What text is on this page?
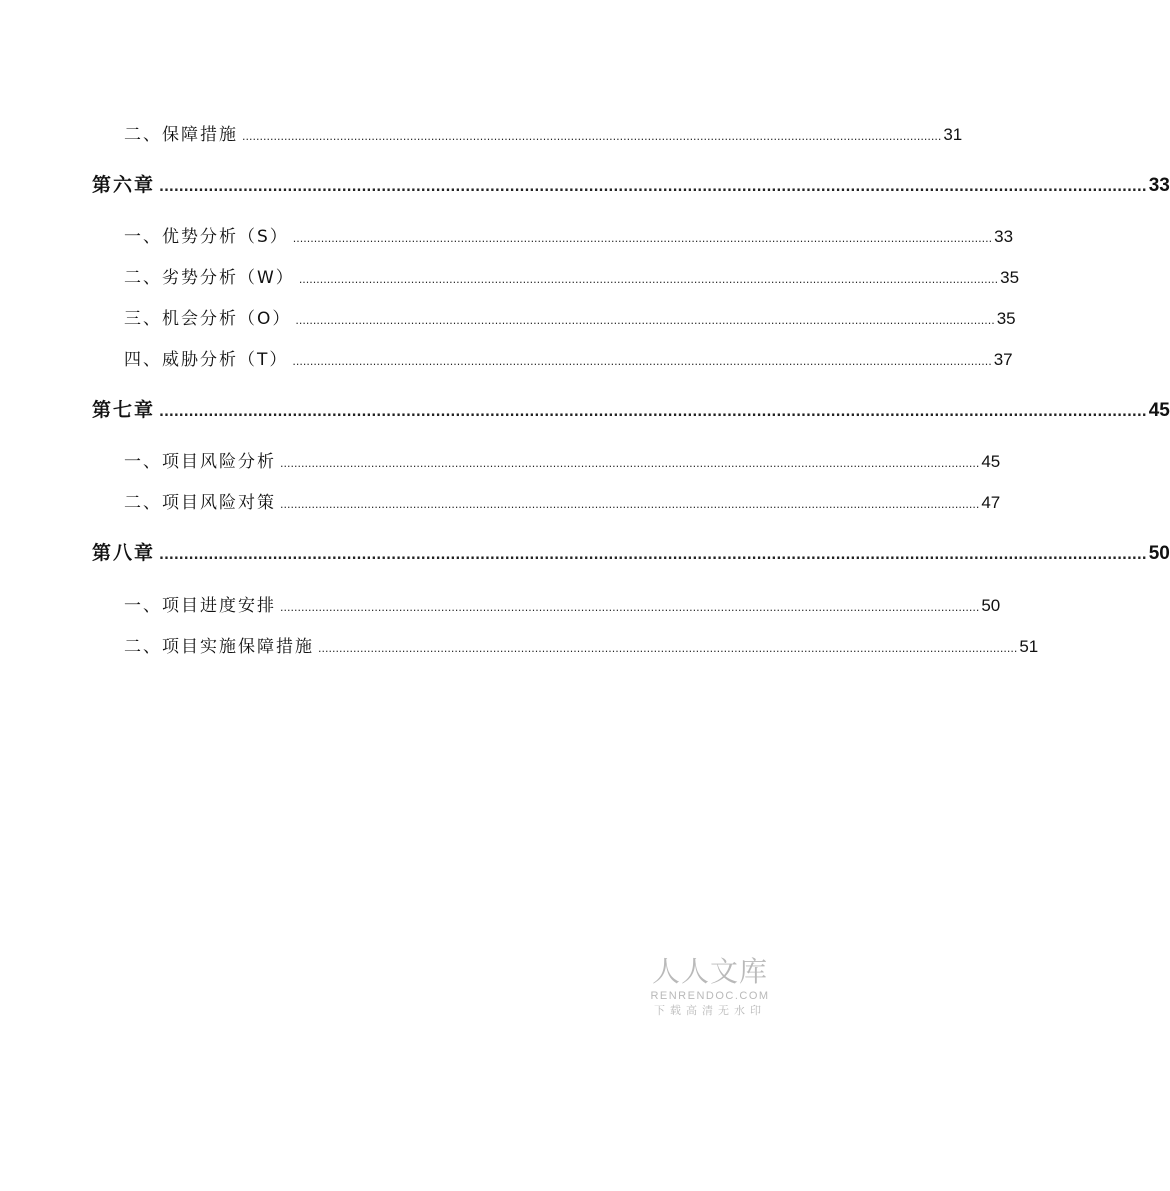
二、 保障措施 ........................................................................................................................................................................................................ 31
第六章 ........................................................................................................................................................................................................ 33
一、 优势分析（S） ........................................................................................................................................................................................................ 33
二、 劣势分析（W） ........................................................................................................................................................................................................ 35
三、 机会分析（O） ........................................................................................................................................................................................................ 35
四、 威胁分析（T） ........................................................................................................................................................................................................ 37
第七章 ........................................................................................................................................................................................................ 45
一、 项目风险分析 ........................................................................................................................................................................................................ 45
二、 项目风险对策 ........................................................................................................................................................................................................ 47
第八章 ........................................................................................................................................................................................................ 50
一、 项目进度安排 ........................................................................................................................................................................................................ 50
二、 项目实施保障措施 ........................................................................................................................................................................................................ 51
人人文库
RENRENDOC.COM
下载高清无水印
